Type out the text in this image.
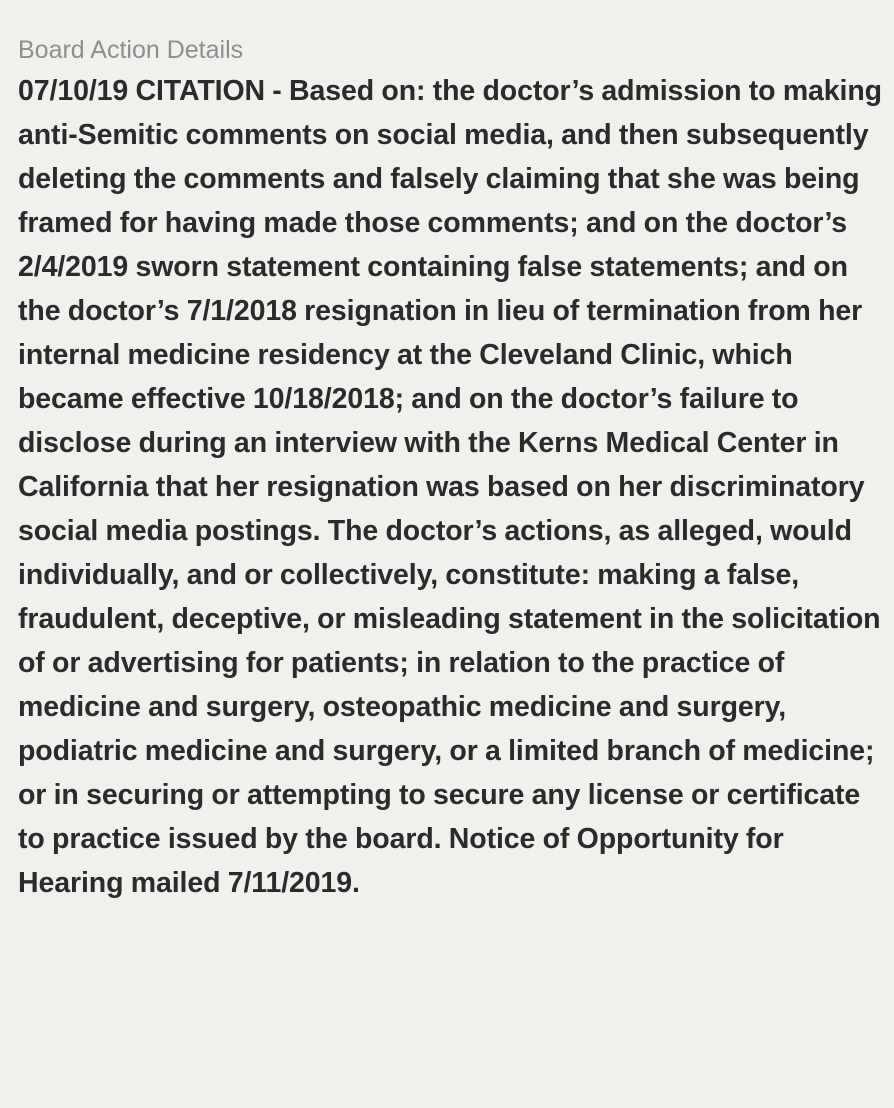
Board Action Details

07/10/19 CITATION - Based on: the doctor’s admission to making anti-Semitic comments on social media, and then subsequently deleting the comments and falsely claiming that she was being framed for having made those comments; and on the doctor’s 2/4/2019 sworn statement containing false statements; and on the doctor’s 7/1/2018 resignation in lieu of termination from her internal medicine residency at the Cleveland Clinic, which became effective 10/18/2018; and on the doctor’s failure to disclose during an interview with the Kerns Medical Center in California that her resignation was based on her discriminatory social media postings. The doctor’s actions, as alleged, would individually, and or collectively, constitute: making a false, fraudulent, deceptive, or misleading statement in the solicitation of or advertising for patients; in relation to the practice of medicine and surgery, osteopathic medicine and surgery, podiatric medicine and surgery, or a limited branch of medicine; or in securing or attempting to secure any license or certificate to practice issued by the board. Notice of Opportunity for Hearing mailed 7/11/2019.
